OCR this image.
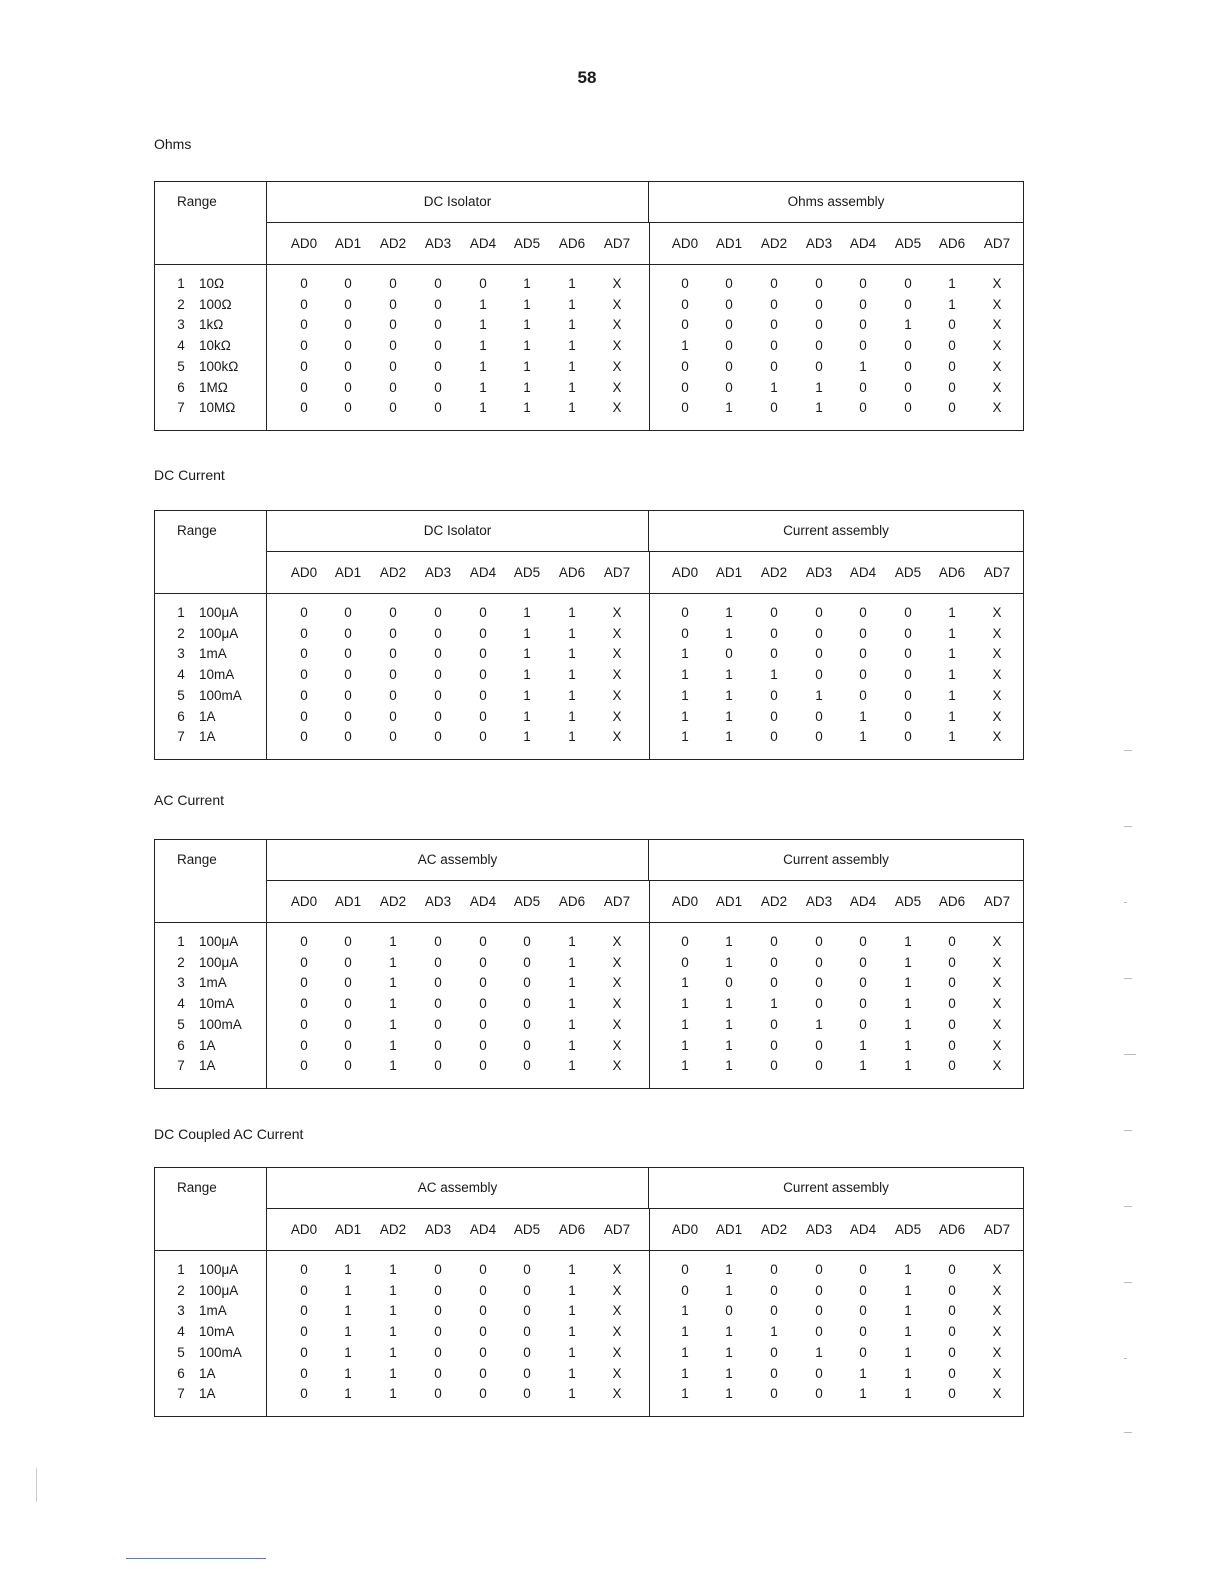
58
Ohms
Range	DC Isolator	Ohms assembly
AD0	AD1	AD2	AD3	AD4	AD5	AD6	AD7	AD0	AD1	AD2	AD3	AD4	AD5	AD6	AD7
1 10Ω	0	0	0	0	0	1	1	X	0	0	0	0	0	0	1	X
2 100Ω	0	0	0	0	1	1	1	X	0	0	0	0	0	0	1	X
3 1kΩ	0	0	0	0	1	1	1	X	0	0	0	0	0	1	0	X
4 10kΩ	0	0	0	0	1	1	1	X	1	0	0	0	0	0	0	X
5 100kΩ	0	0	0	0	1	1	1	X	0	0	0	0	1	0	0	X
6 1MΩ	0	0	0	0	1	1	1	X	0	0	1	1	0	0	0	X
7 10MΩ	0	0	0	0	1	1	1	X	0	1	0	1	0	0	0	X
DC Current
Range	DC Isolator	Current assembly
AD0	AD1	AD2	AD3	AD4	AD5	AD6	AD7	AD0	AD1	AD2	AD3	AD4	AD5	AD6	AD7
1 100μA	0	0	0	0	0	1	1	X	0	1	0	0	0	0	1	X
2 100μA	0	0	0	0	0	1	1	X	0	1	0	0	0	0	1	X
3 1mA	0	0	0	0	0	1	1	X	1	0	0	0	0	0	1	X
4 10mA	0	0	0	0	0	1	1	X	1	1	1	0	0	0	1	X
5 100mA	0	0	0	0	0	1	1	X	1	1	0	1	0	0	1	X
6 1A	0	0	0	0	0	1	1	X	1	1	0	0	1	0	1	X
7 1A	0	0	0	0	0	1	1	X	1	1	0	0	1	0	1	X
AC Current
Range	AC assembly	Current assembly
AD0	AD1	AD2	AD3	AD4	AD5	AD6	AD7	AD0	AD1	AD2	AD3	AD4	AD5	AD6	AD7
1 100μA	0	0	1	0	0	0	1	X	0	1	0	0	0	1	0	X
2 100μA	0	0	1	0	0	0	1	X	0	1	0	0	0	1	0	X
3 1mA	0	0	1	0	0	0	1	X	1	0	0	0	0	1	0	X
4 10mA	0	0	1	0	0	0	1	X	1	1	1	0	0	1	0	X
5 100mA	0	0	1	0	0	0	1	X	1	1	0	1	0	1	0	X
6 1A	0	0	1	0	0	0	1	X	1	1	0	0	1	1	0	X
7 1A	0	0	1	0	0	0	1	X	1	1	0	0	1	1	0	X
DC Coupled AC Current
Range	AC assembly	Current assembly
AD0	AD1	AD2	AD3	AD4	AD5	AD6	AD7	AD0	AD1	AD2	AD3	AD4	AD5	AD6	AD7
1 100μA	0	1	1	0	0	0	1	X	0	1	0	0	0	1	0	X
2 100μA	0	1	1	0	0	0	1	X	0	1	0	0	0	1	0	X
3 1mA	0	1	1	0	0	0	1	X	1	0	0	0	0	1	0	X
4 10mA	0	1	1	0	0	0	1	X	1	1	1	0	0	1	0	X
5 100mA	0	1	1	0	0	0	1	X	1	1	0	1	0	1	0	X
6 1A	0	1	1	0	0	0	1	X	1	1	0	0	1	1	0	X
7 1A	0	1	1	0	0	0	1	X	1	1	0	0	1	1	0	X
